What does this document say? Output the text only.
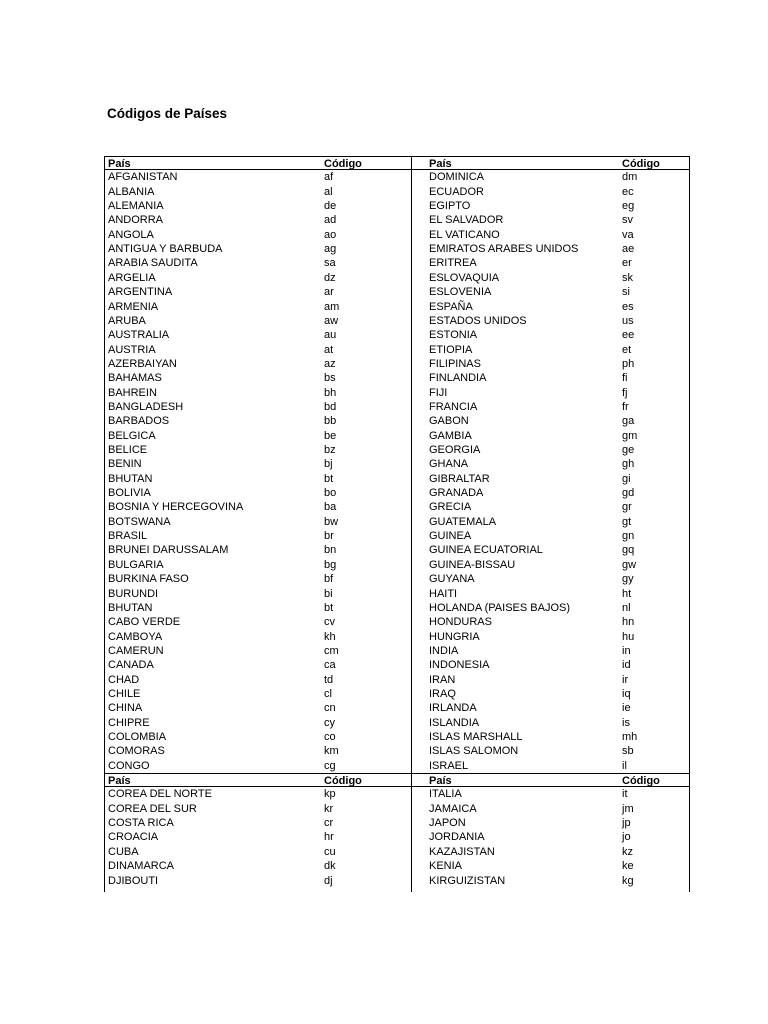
Códigos de Países
País	Código	País	Código
AFGANISTAN	af	DOMINICA	dm
ALBANIA	al	ECUADOR	ec
ALEMANIA	de	EGIPTO	eg
ANDORRA	ad	EL SALVADOR	sv
ANGOLA	ao	EL VATICANO	va
ANTIGUA Y BARBUDA	ag	EMIRATOS ARABES UNIDOS	ae
ARABIA SAUDITA	sa	ERITREA	er
ARGELIA	dz	ESLOVAQUIA	sk
ARGENTINA	ar	ESLOVENIA	si
ARMENIA	am	ESPAÑA	es
ARUBA	aw	ESTADOS UNIDOS	us
AUSTRALIA	au	ESTONIA	ee
AUSTRIA	at	ETIOPIA	et
AZERBAIYAN	az	FILIPINAS	ph
BAHAMAS	bs	FINLANDIA	fi
BAHREIN	bh	FIJI	fj
BANGLADESH	bd	FRANCIA	fr
BARBADOS	bb	GABON	ga
BELGICA	be	GAMBIA	gm
BELICE	bz	GEORGIA	ge
BENIN	bj	GHANA	gh
BHUTAN	bt	GIBRALTAR	gi
BOLIVIA	bo	GRANADA	gd
BOSNIA Y HERCEGOVINA	ba	GRECIA	gr
BOTSWANA	bw	GUATEMALA	gt
BRASIL	br	GUINEA	gn
BRUNEI DARUSSALAM	bn	GUINEA ECUATORIAL	gq
BULGARIA	bg	GUINEA-BISSAU	gw
BURKINA FASO	bf	GUYANA	gy
BURUNDI	bi	HAITI	ht
BHUTAN	bt	HOLANDA (PAISES BAJOS)	nl
CABO VERDE	cv	HONDURAS	hn
CAMBOYA	kh	HUNGRIA	hu
CAMERUN	cm	INDIA	in
CANADA	ca	INDONESIA	id
CHAD	td	IRAN	ir
CHILE	cl	IRAQ	iq
CHINA	cn	IRLANDA	ie
CHIPRE	cy	ISLANDIA	is
COLOMBIA	co	ISLAS MARSHALL	mh
COMORAS	km	ISLAS SALOMON	sb
CONGO	cg	ISRAEL	il
País	Código	País	Código
COREA DEL NORTE	kp	ITALIA	it
COREA DEL SUR	kr	JAMAICA	jm
COSTA RICA	cr	JAPON	jp
CROACIA	hr	JORDANIA	jo
CUBA	cu	KAZAJISTAN	kz
DINAMARCA	dk	KENIA	ke
DJIBOUTI	dj	KIRGUIZISTAN	kg
